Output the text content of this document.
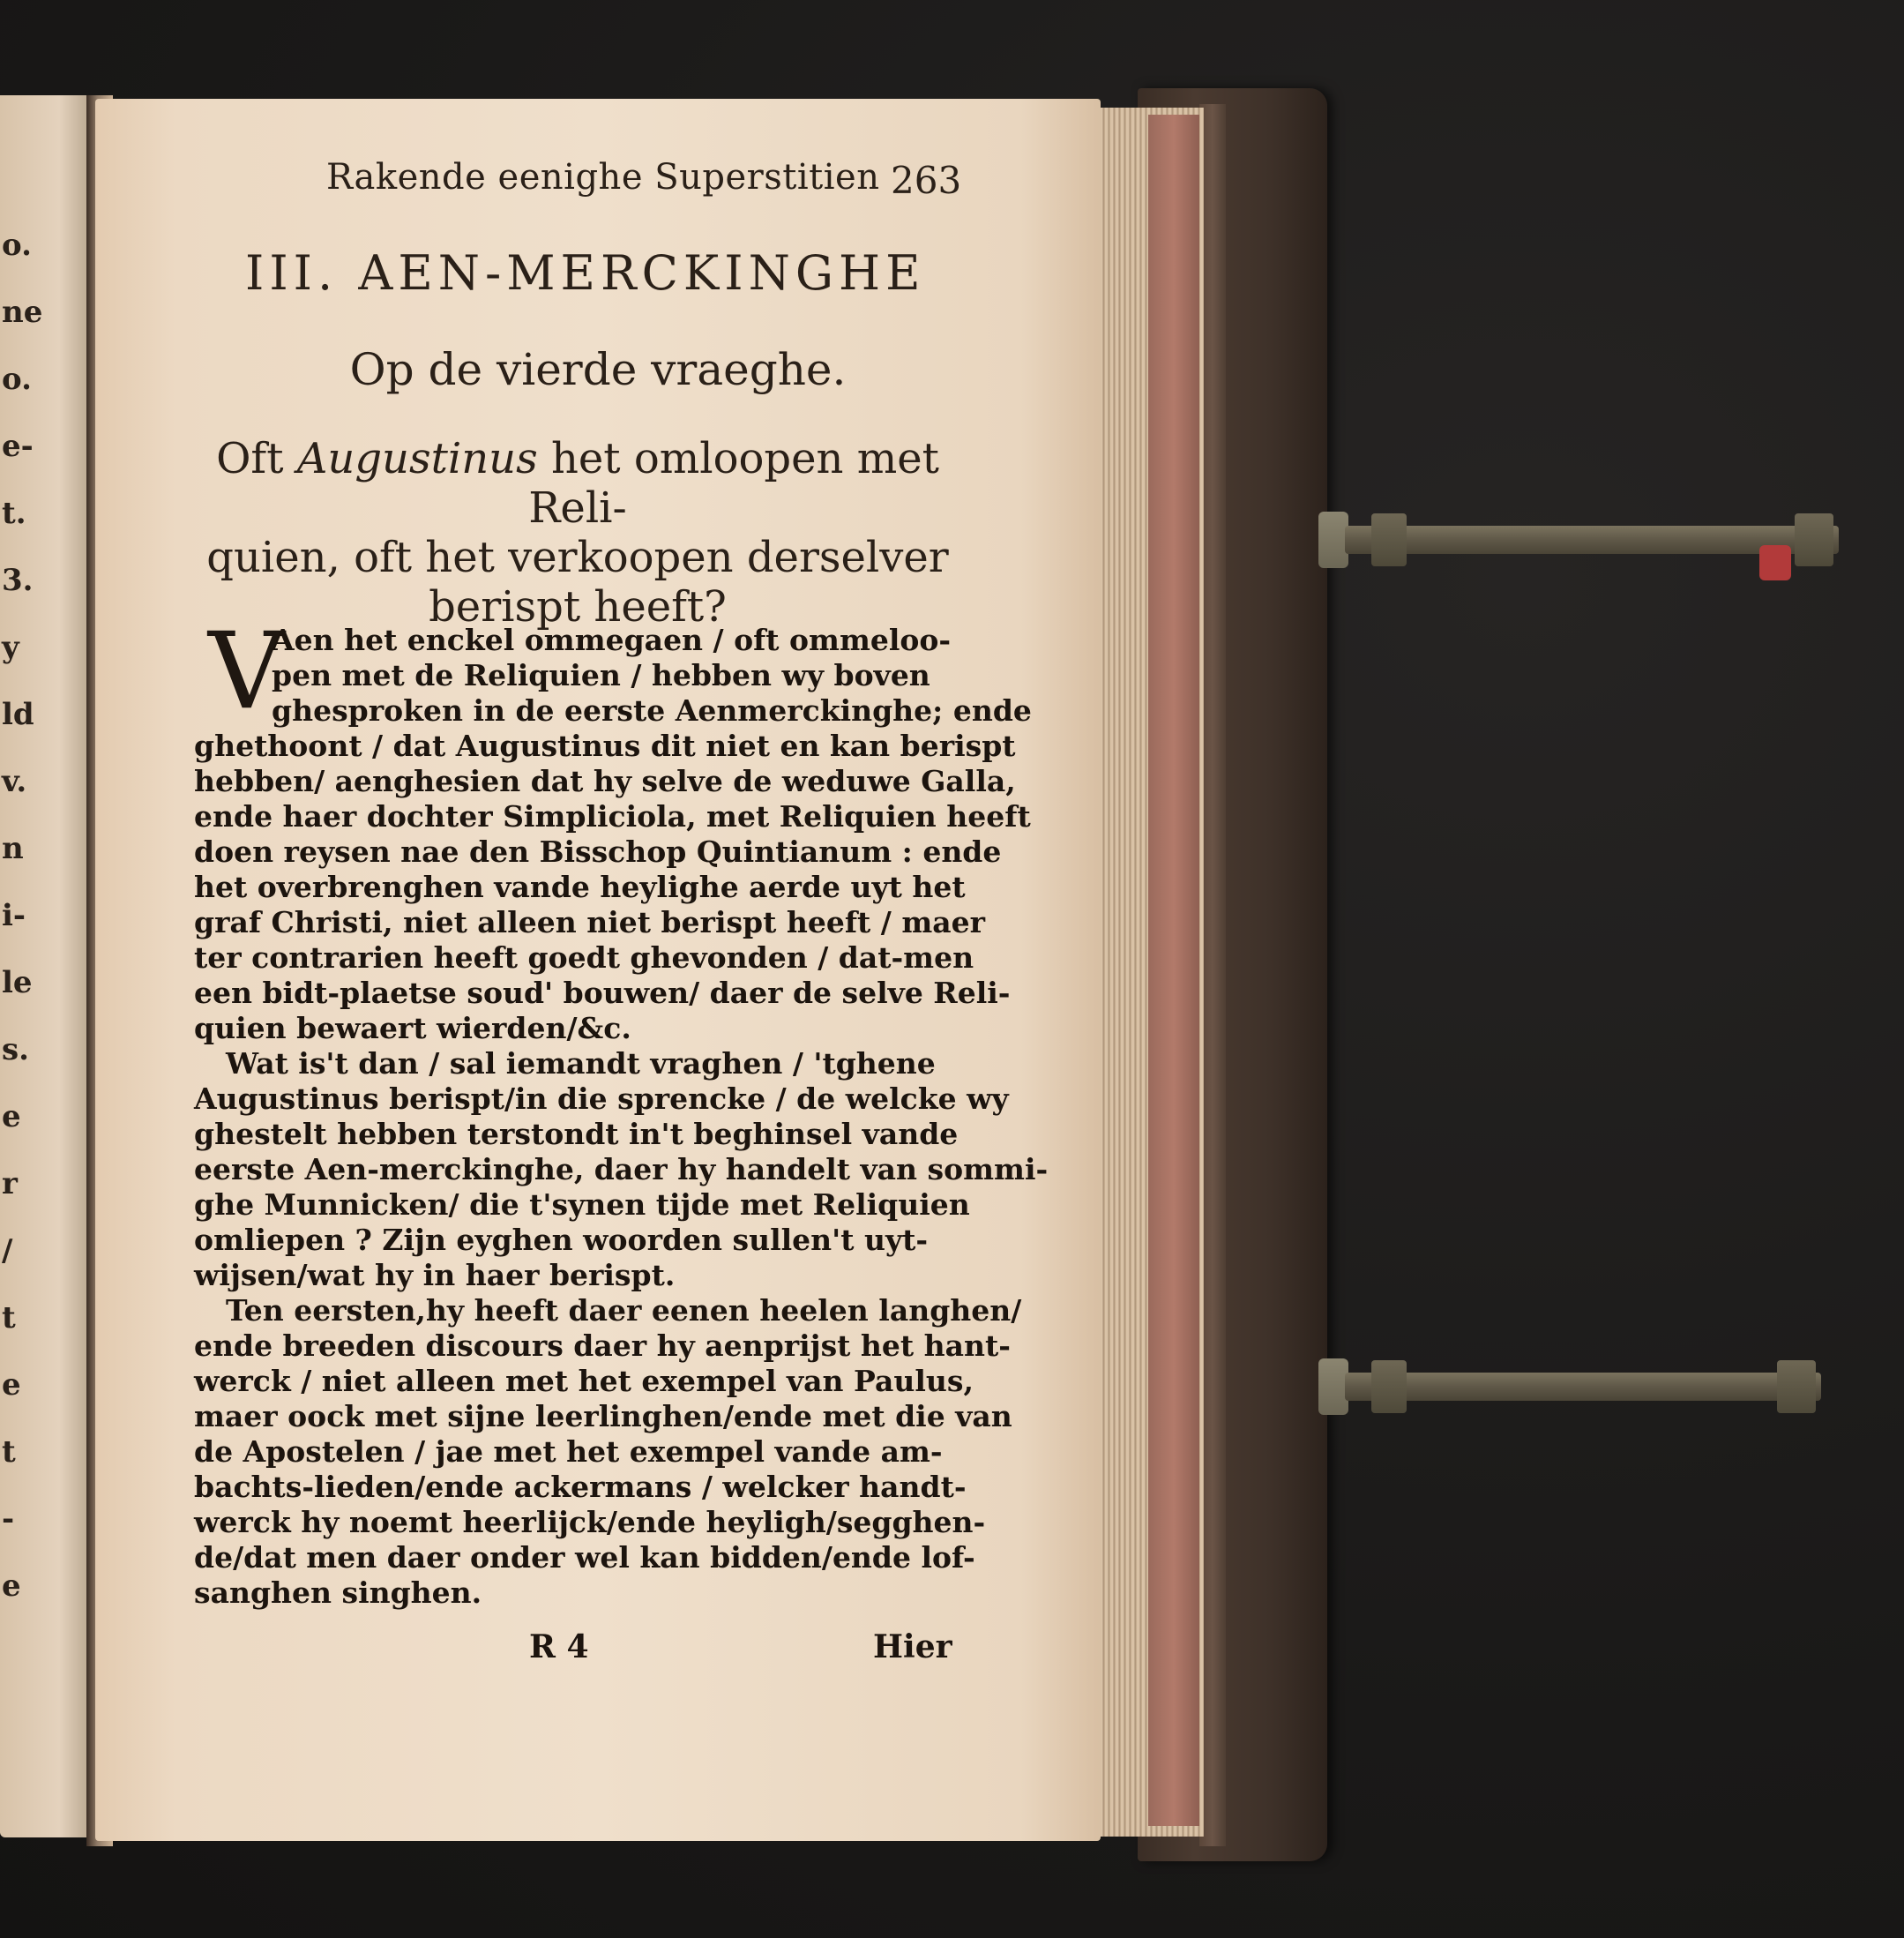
o.
ne
o.
e-
t.
3.
y
ld
v.
n
i-
le
s.
e
r
/
t
e
t
-
e
Rakende eenighe Superstitien 263
III. AEN-MERCKINGHE
Op de vierde vraeghe.
Oft Augustinus het omloopen met Reli-
quien, oft het verkoopen derselver
berispt heeft?
V
Aen het enckel ommegaen / oft ommeloo-
pen met de Reliquien / hebben wy boven
ghesproken in de eerste Aenmerckinghe; ende
ghethoont / dat Augustinus dit niet en kan berispt
hebben/ aenghesien dat hy selve de weduwe Galla,
ende haer dochter Simpliciola, met Reliquien heeft
doen reysen nae den Bisschop Quintianum : ende
het overbrenghen vande heylighe aerde uyt het
graf Christi, niet alleen niet berispt heeft / maer
ter contrarien heeft goedt ghevonden / dat-men
een bidt-plaetse soud' bouwen/ daer de selve Reli-
quien bewaert wierden/&c.
Wat is't dan / sal iemandt vraghen / 'tghene
Augustinus berispt/in die sprencke / de welcke wy
ghestelt hebben terstondt in't beghinsel vande
eerste Aen-merckinghe, daer hy handelt van sommi-
ghe Munnicken/ die t'synen tijde met Reliquien
omliepen ? Zijn eyghen woorden sullen't uyt-
wijsen/wat hy in haer berispt.
Ten eersten,hy heeft daer eenen heelen langhen/
ende breeden discours daer hy aenprijst het hant-
werck / niet alleen met het exempel van Paulus,
maer oock met sijne leerlinghen/ende met die van
de Apostelen / jae met het exempel vande am-
bachts-lieden/ende ackermans / welcker handt-
werck hy noemt heerlijck/ende heyligh/segghen-
de/dat men daer onder wel kan bidden/ende lof-
sanghen singhen.
R 4	Hier
